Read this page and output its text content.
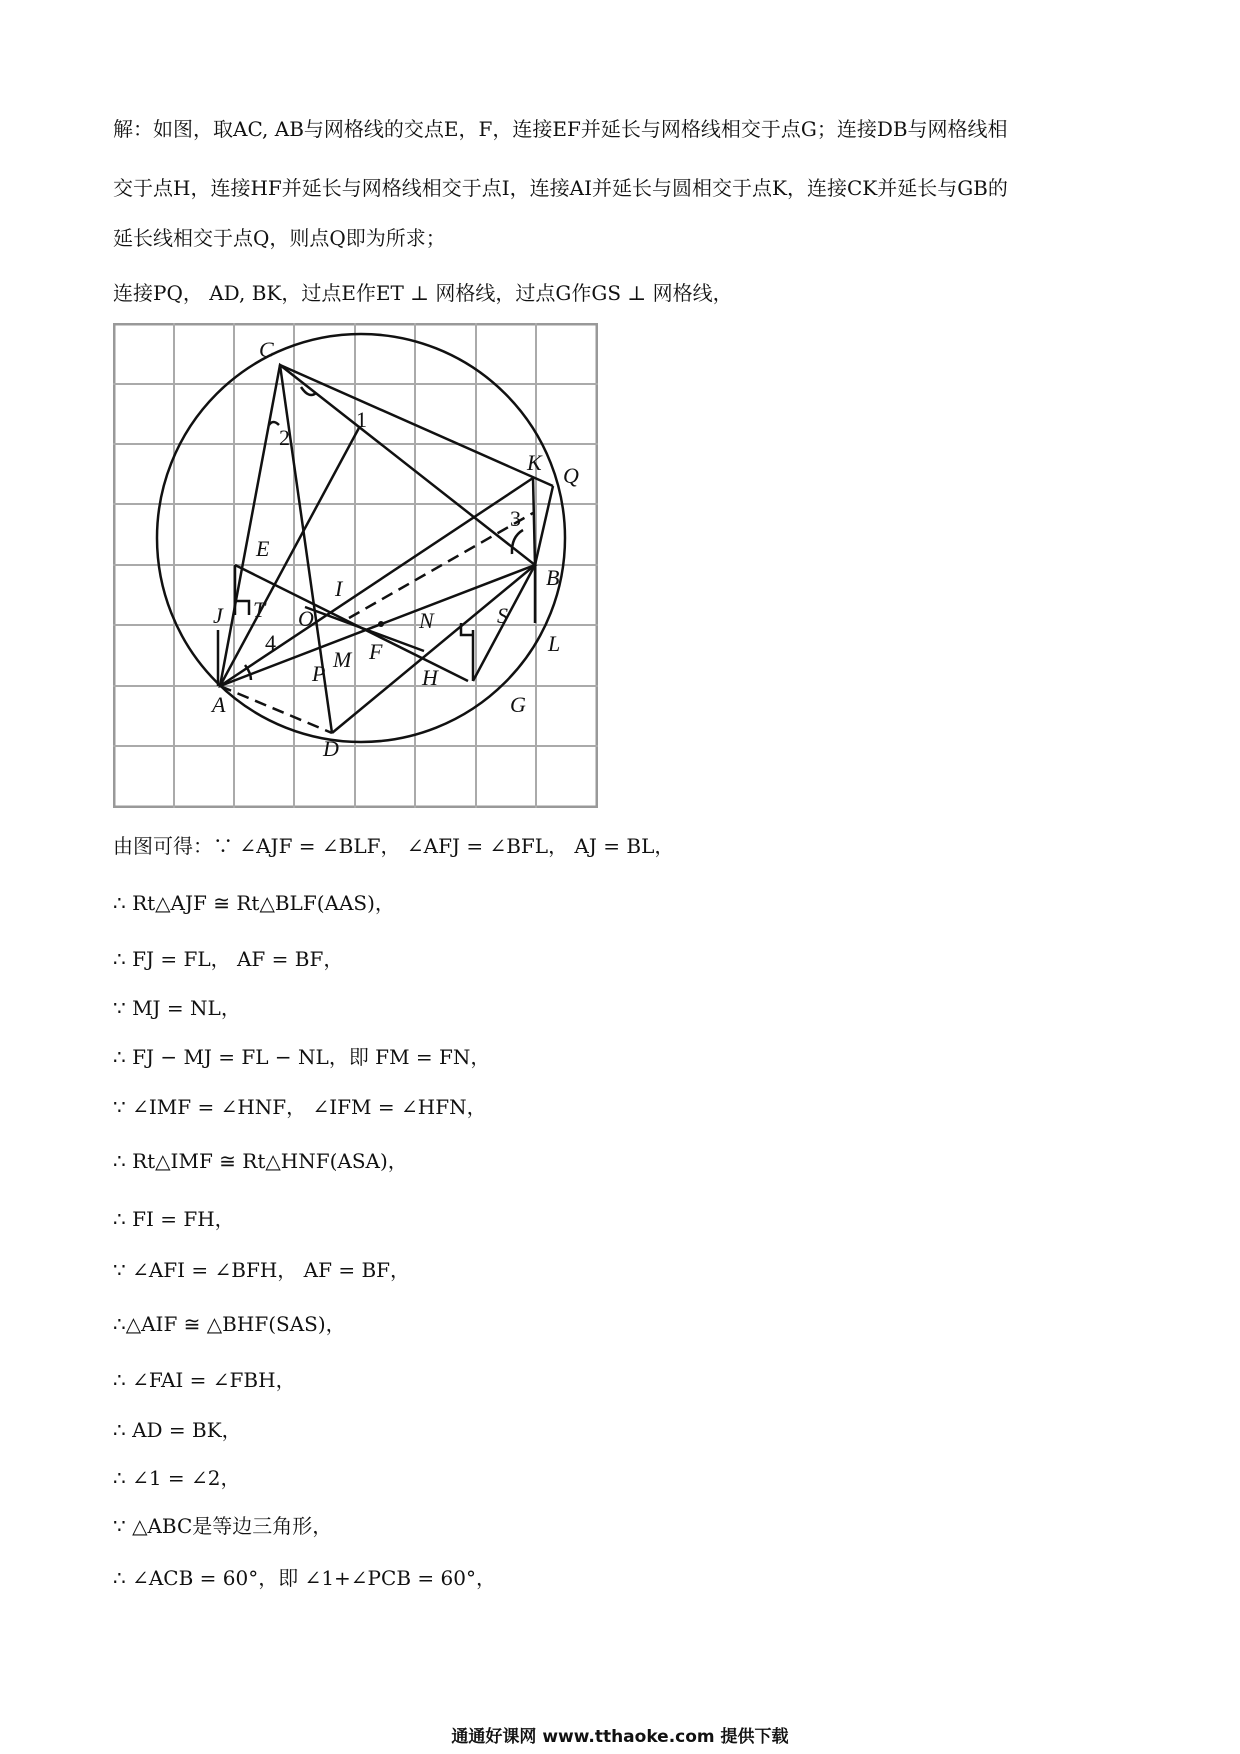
解：如图，取AC, AB与网格线的交点E，F，连接EF并延长与网格线相交于点G；连接DB与网格线相
交于点H，连接HF并延长与网格线相交于点I，连接AI并延长与圆相交于点K，连接CK并延长与GB的
延长线相交于点Q，则点Q即为所求；
连接PQ， AD, BK，过点E作ET ⊥ 网格线，过点G作GS ⊥ 网格线，
C
K
Q
E
I	B
J T O	N	S
L
F
M
P	H
A	G
D
1
2
3
4
由图可得：∵ ∠AJF = ∠BLF， ∠AFJ = ∠BFL， AJ = BL，
∴ Rt△AJF ≅ Rt△BLF(AAS)，
∴ FJ = FL， AF = BF，
∵ MJ = NL，
∴ FJ − MJ = FL − NL，即 FM = FN，
∵ ∠IMF = ∠HNF， ∠IFM = ∠HFN，
∴ Rt△IMF ≅ Rt△HNF(ASA)，
∴ FI = FH，
∵ ∠AFI = ∠BFH， AF = BF，
∴△AIF ≅ △BHF(SAS)，
∴ ∠FAI = ∠FBH，
∴ AD = BK，
∴ ∠1 = ∠2，
∵ △ABC是等边三角形，
∴ ∠ACB = 60°，即 ∠1+∠PCB = 60°，
通通好课网 www.tthaoke.com 提供下载
